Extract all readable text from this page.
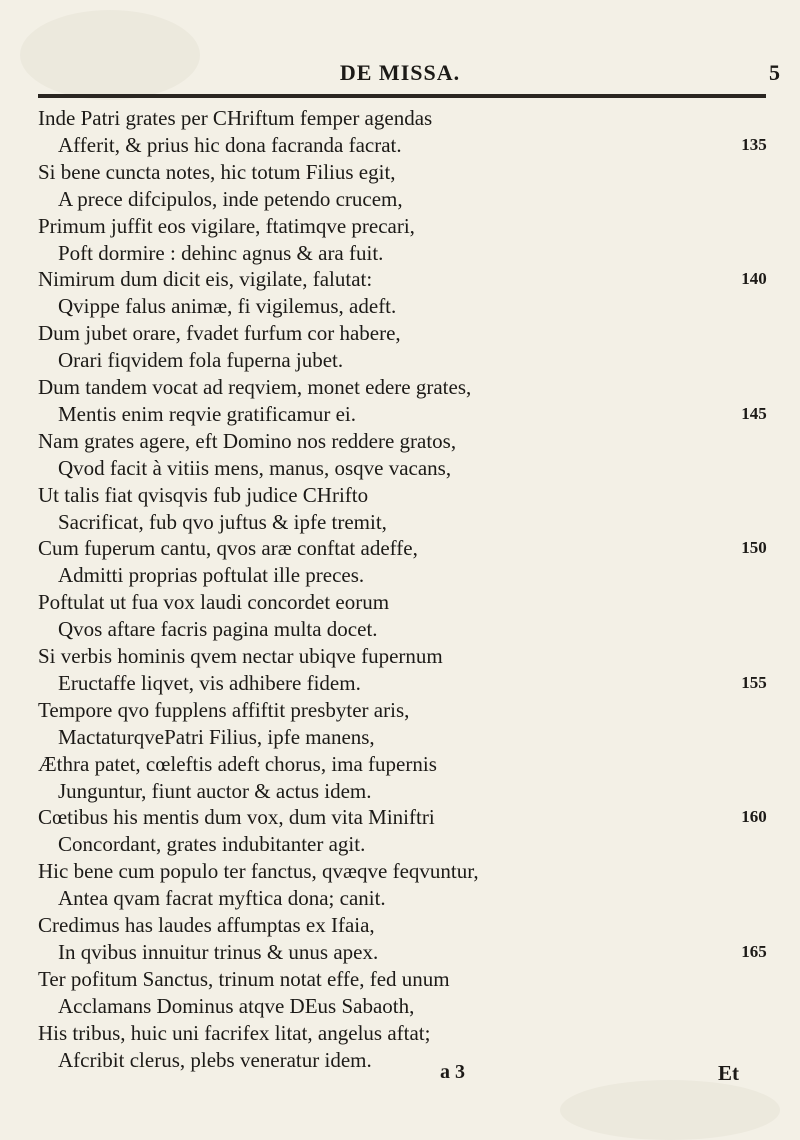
DE MISSA.	5
Inde Patri grates per CHriftum femper agendas
Afferit, & prius hic dona facranda facrat.
Si bene cuncta notes, hic totum Filius egit,
A prece difcipulos, inde petendo crucem,
Primum juffit eos vigilare, ftatimqve precari,
Poft dormire : dehinc agnus & ara fuit.
Nimirum dum dicit eis, vigilate, falutat:
Qvippe falus animæ, fi vigilemus, adeft.
Dum jubet orare, fvadet furfum cor habere,
Orari fiqvidem fola fuperna jubet.
Dum tandem vocat ad reqviem, monet edere grates,
Mentis enim reqvie gratificamur ei.
Nam grates agere, eft Domino nos reddere gratos,
Qvod facit à vitiis mens, manus, osqve vacans,
Ut talis fiat qvisqvis fub judice CHrifto
Sacrificat, fub qvo juftus & ipfe tremit,
Cum fuperum cantu, qvos aræ conftat adeffe,
Admitti proprias poftulat ille preces.
Poftulat ut fua vox laudi concordet eorum
Qvos aftare facris pagina multa docet.
Si verbis hominis qvem nectar ubiqve fupernum
Eructaffe liqvet, vis adhibere fidem.
Tempore qvo fupplens affiftit presbyter aris,
MactaturqvePatri Filius, ipfe manens,
Æthra patet, cœleftis adeft chorus, ima fupernis
Junguntur, fiunt auctor & actus idem.
Cœtibus his mentis dum vox, dum vita Miniftri
Concordant, grates indubitanter agit.
Hic bene cum populo ter fanctus, qvæqve feqvuntur,
Antea qvam facrat myftica dona; canit.
Credimus has laudes affumptas ex Ifaia,
In qvibus innuitur trinus & unus apex.
Ter pofitum Sanctus, trinum notat effe, fed unum
Acclamans Dominus atqve DEus Sabaoth,
His tribus, huic uni facrifex litat, angelus aftat;
Afcribit clerus, plebs veneratur idem.
135
140
145
150
155
160
165
a 3	Et
